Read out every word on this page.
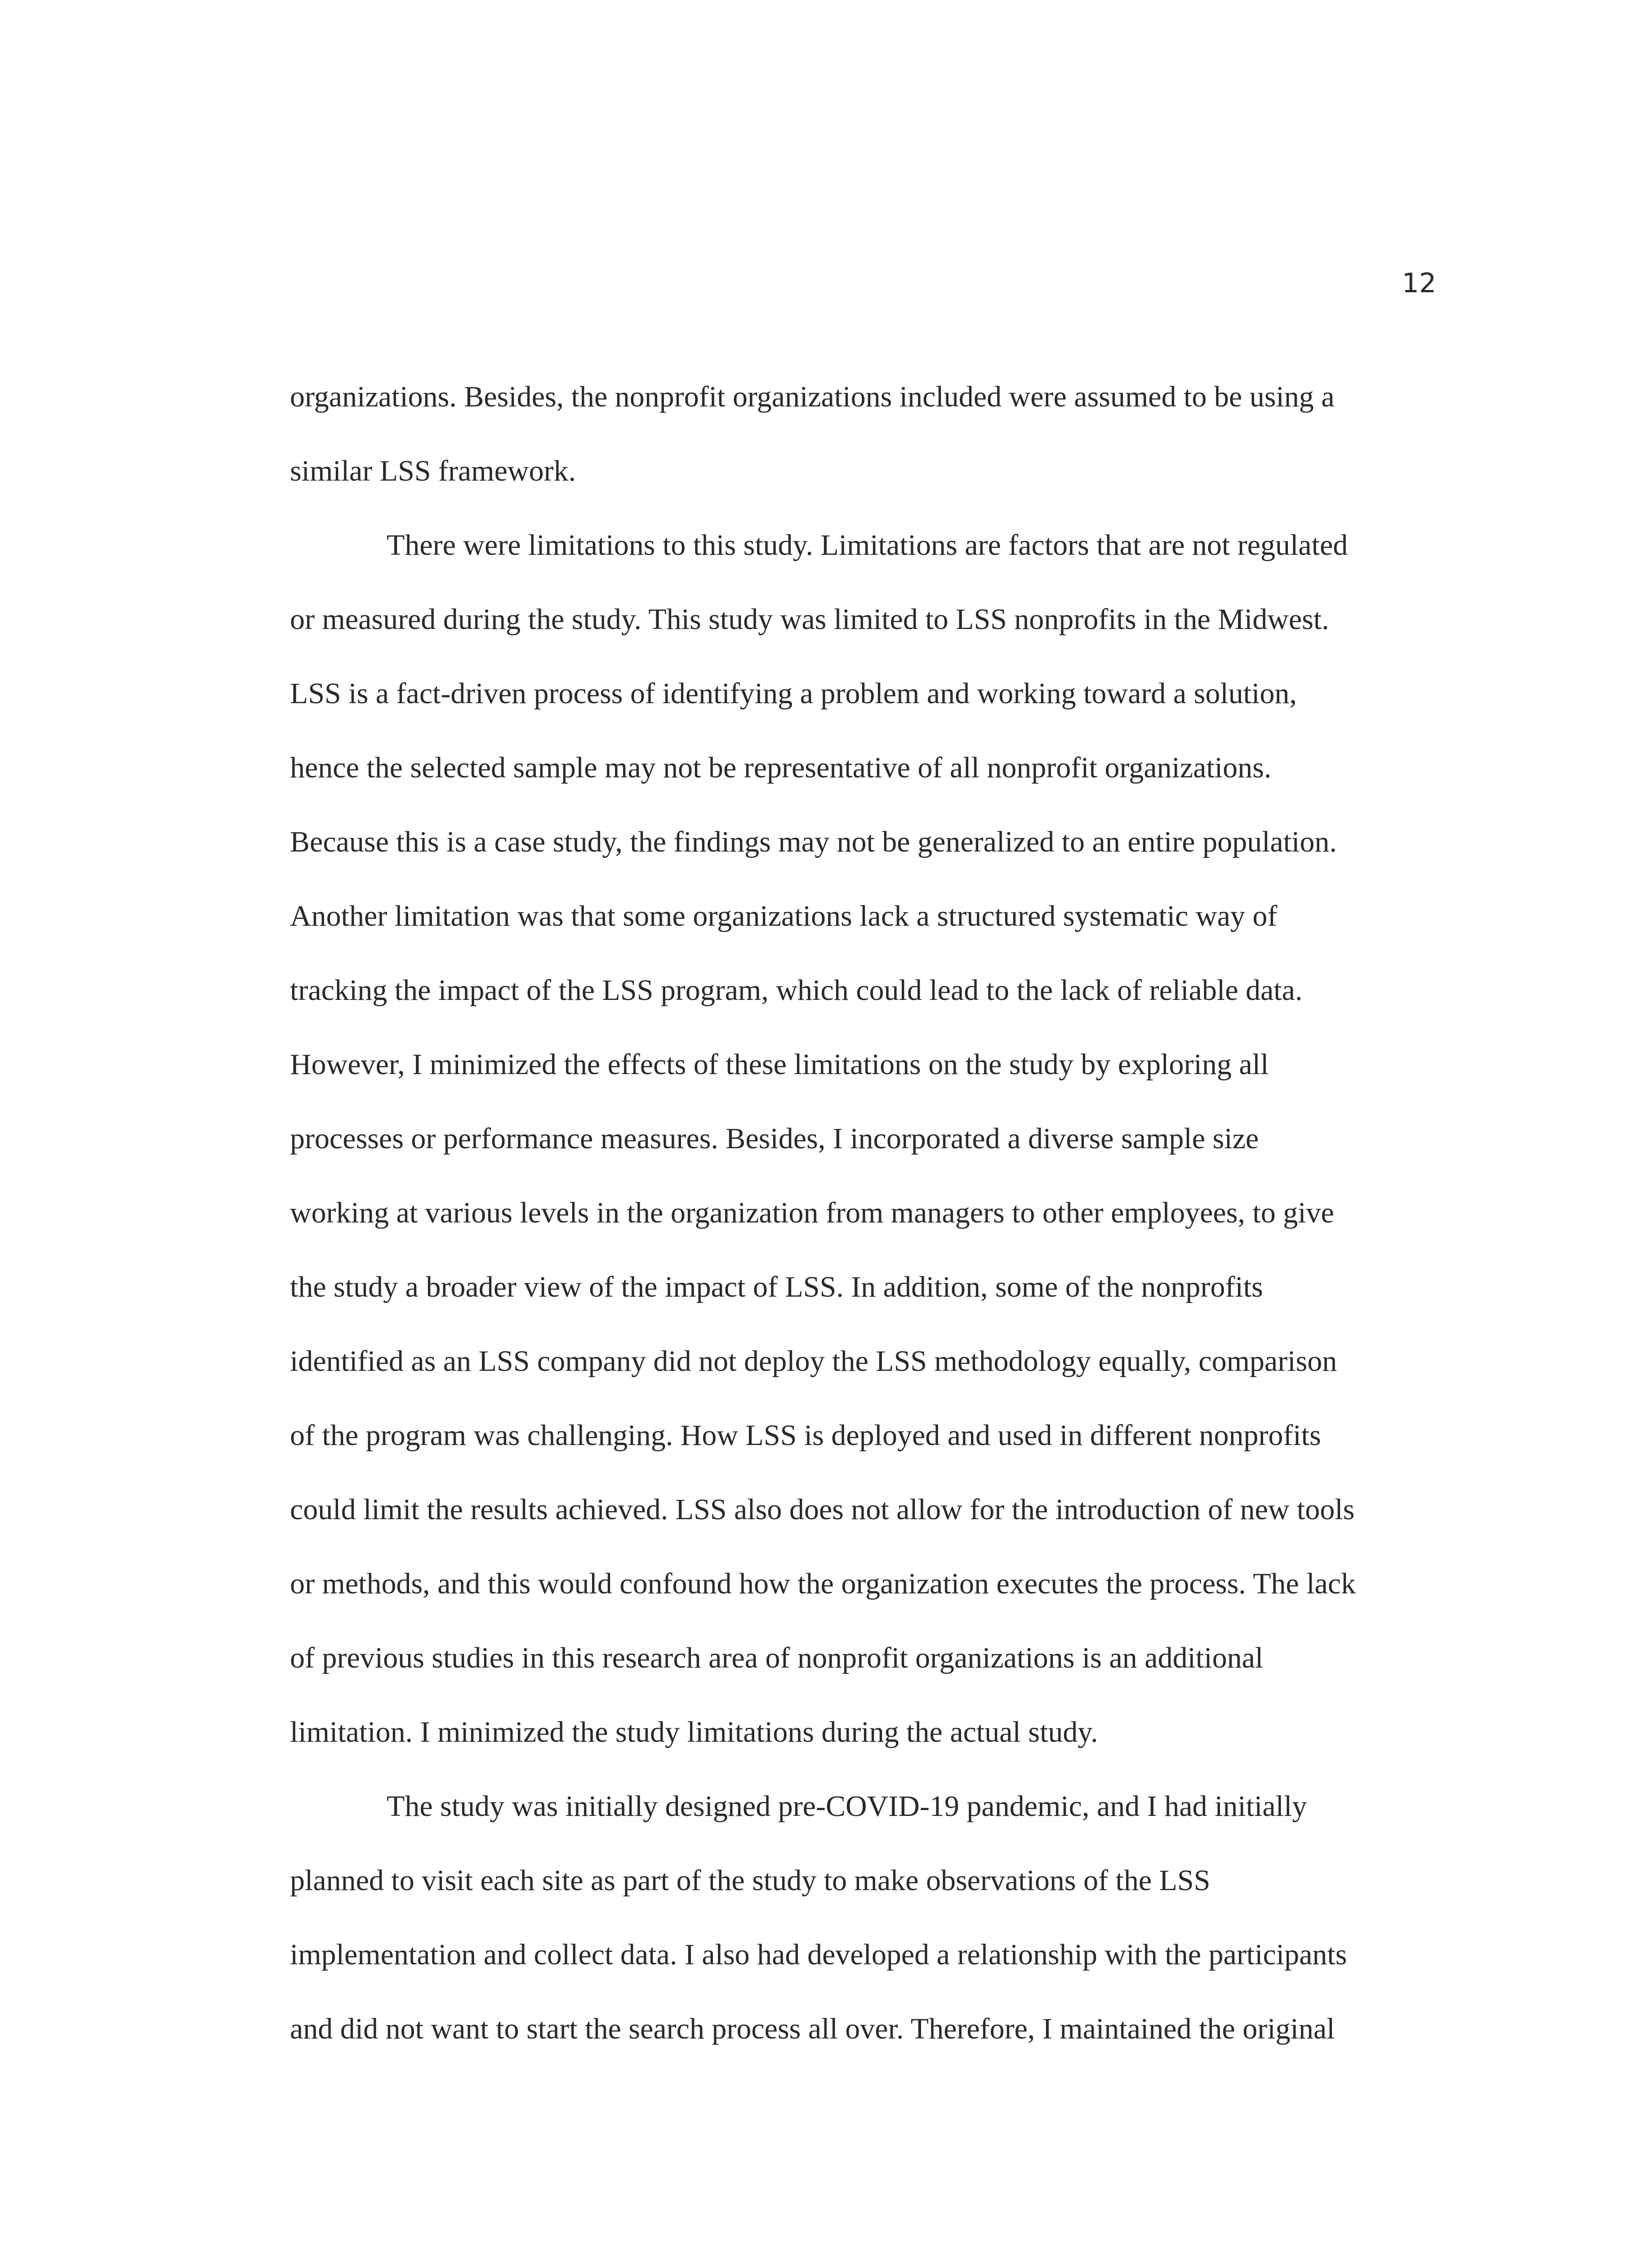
12
organizations. Besides, the nonprofit organizations included were assumed to be using a
similar LSS framework.
There were limitations to this study. Limitations are factors that are not regulated
or measured during the study. This study was limited to LSS nonprofits in the Midwest.
LSS is a fact-driven process of identifying a problem and working toward a solution,
hence the selected sample may not be representative of all nonprofit organizations.
Because this is a case study, the findings may not be generalized to an entire population.
Another limitation was that some organizations lack a structured systematic way of
tracking the impact of the LSS program, which could lead to the lack of reliable data.
However, I minimized the effects of these limitations on the study by exploring all
processes or performance measures. Besides, I incorporated a diverse sample size
working at various levels in the organization from managers to other employees, to give
the study a broader view of the impact of LSS. In addition, some of the nonprofits
identified as an LSS company did not deploy the LSS methodology equally, comparison
of the program was challenging. How LSS is deployed and used in different nonprofits
could limit the results achieved. LSS also does not allow for the introduction of new tools
or methods, and this would confound how the organization executes the process. The lack
of previous studies in this research area of nonprofit organizations is an additional
limitation. I minimized the study limitations during the actual study.
The study was initially designed pre-COVID-19 pandemic, and I had initially
planned to visit each site as part of the study to make observations of the LSS
implementation and collect data. I also had developed a relationship with the participants
and did not want to start the search process all over. Therefore, I maintained the original
